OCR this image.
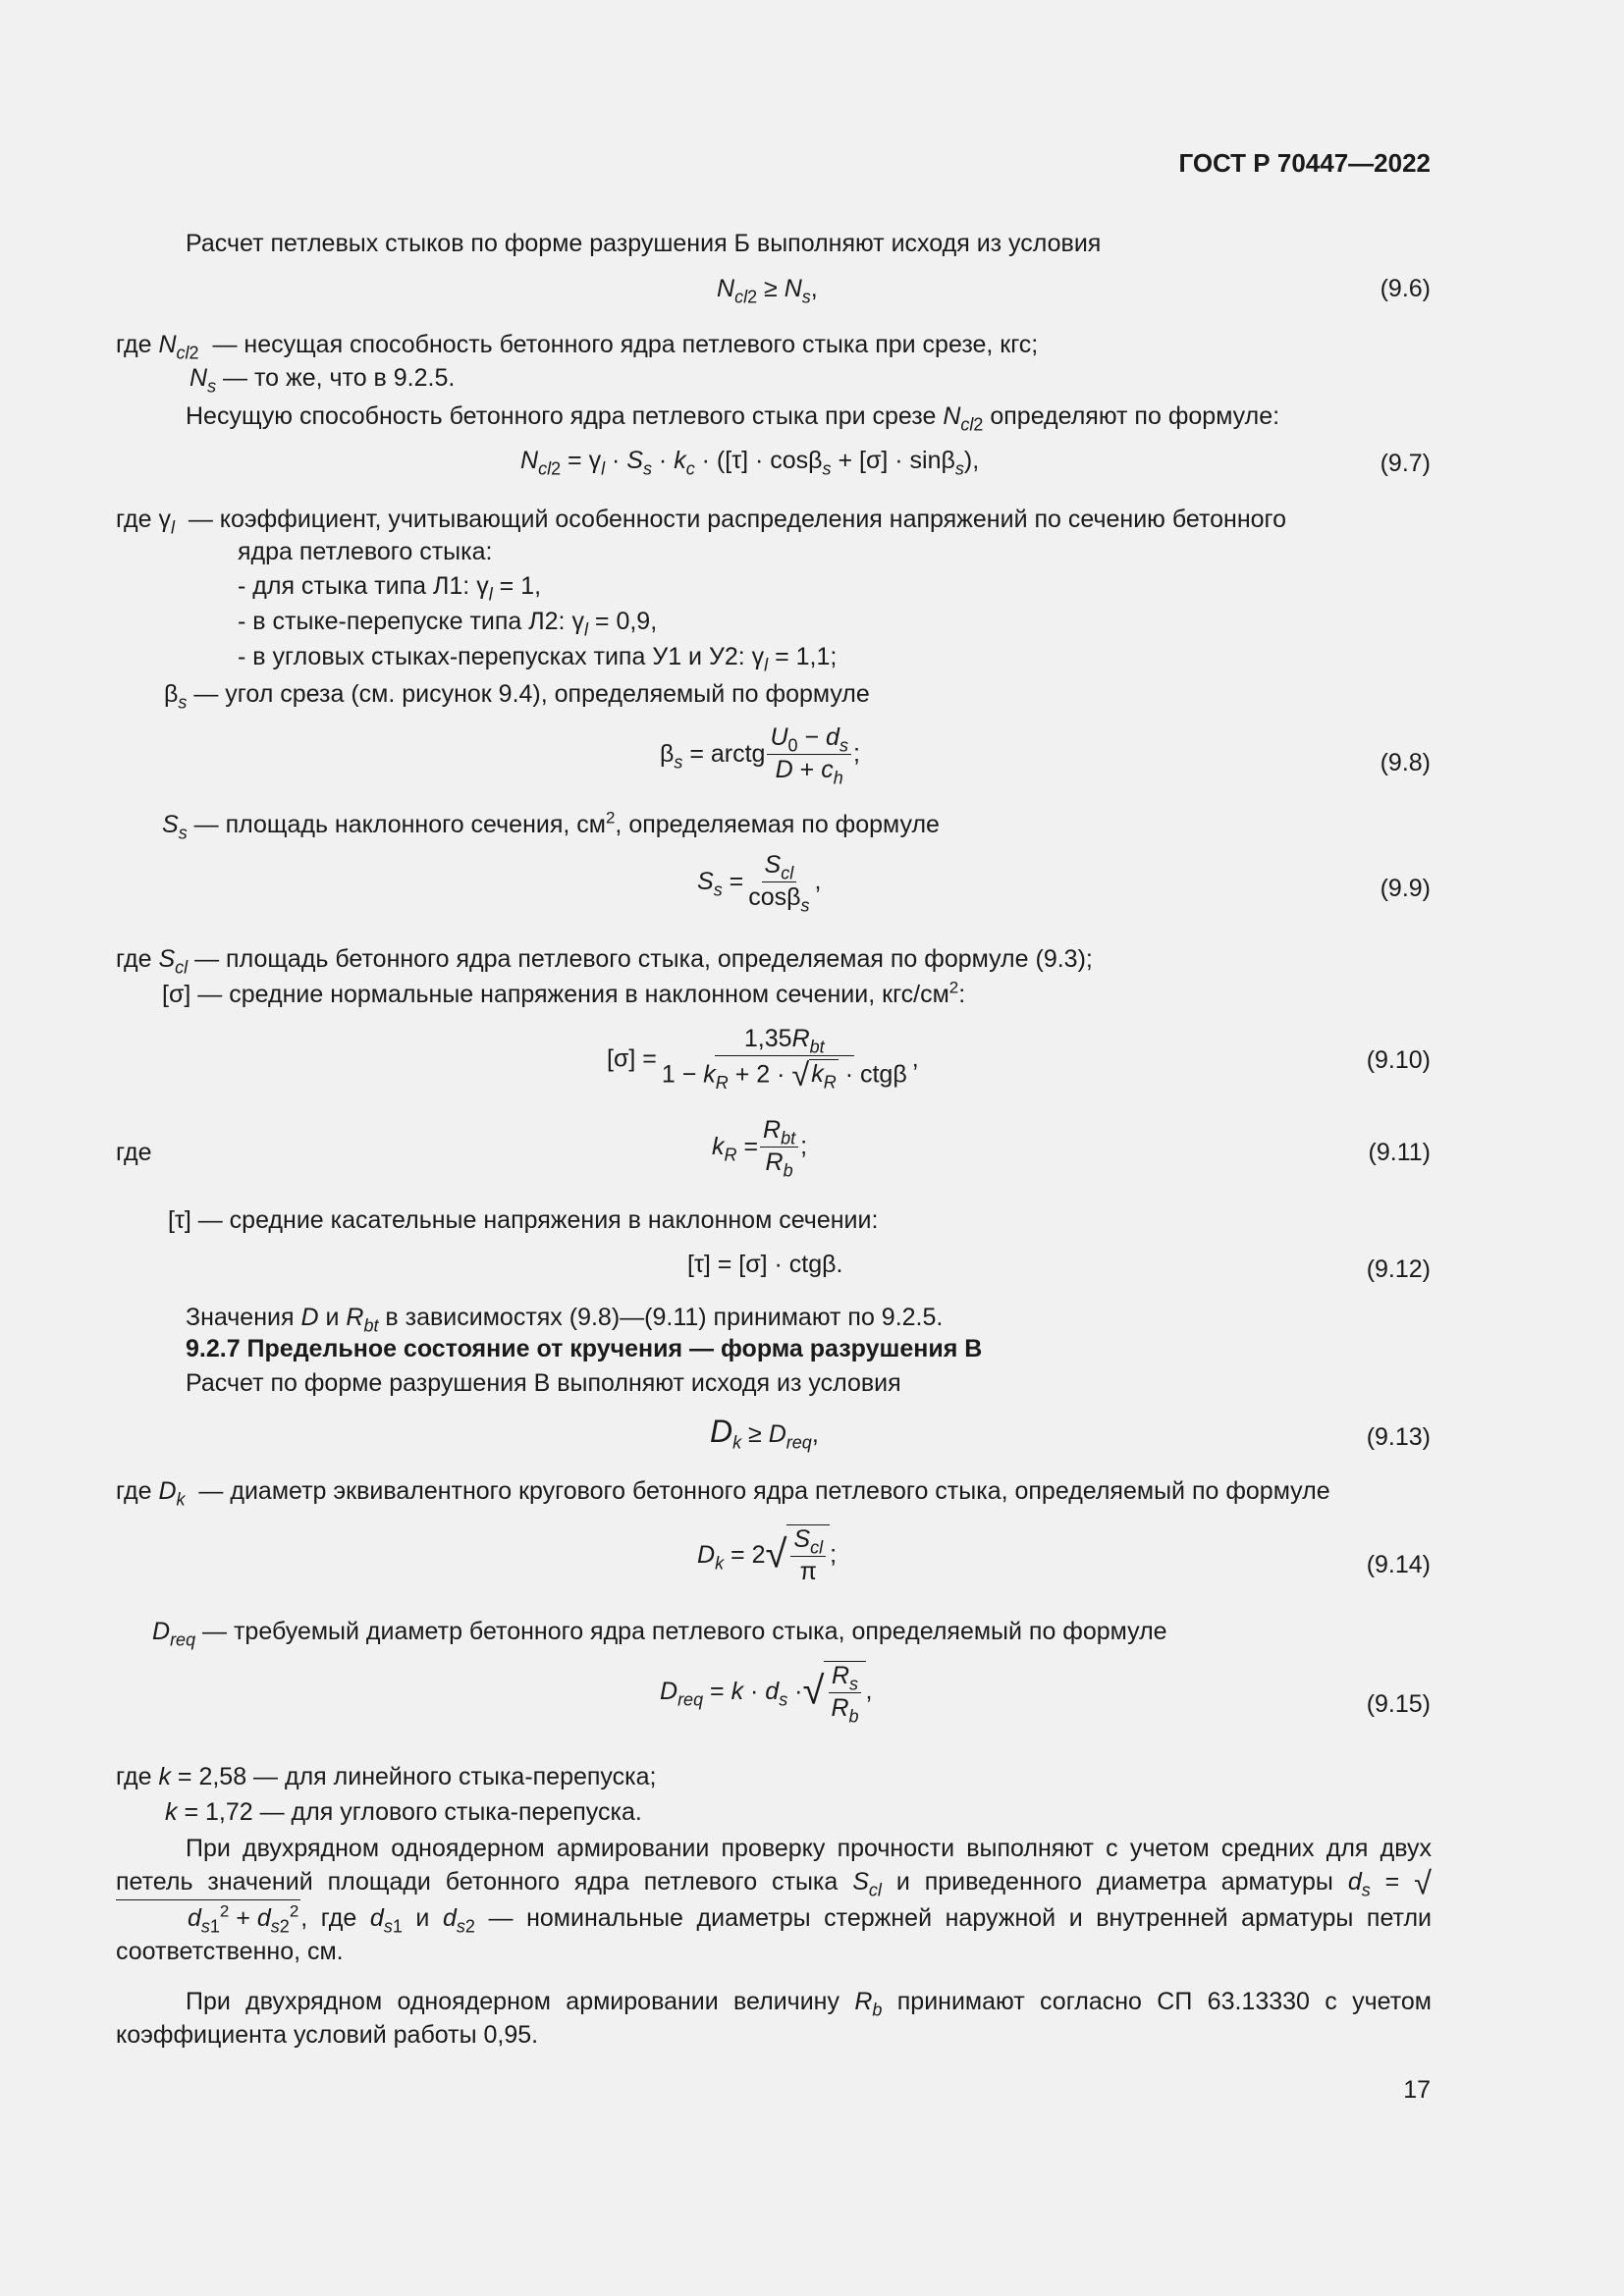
ГОСТ Р 70447—2022
Расчет петлевых стыков по форме разрушения Б выполняют исходя из условия
$N_{cl2} \ge N_s$,	(9.6)
где $N_{cl2}$ — несущая способность бетонного ядра петлевого стыка при срезе, кгс;
$N_s$ — то же, что в 9.2.5.
Несущую способность бетонного ядра петлевого стыка при срезе $N_{cl2}$ определяют по формуле:
$N_{cl2} = \gamma_l \cdot S_s \cdot k_c \cdot ([\tau] \cdot \cos\beta_s + [\sigma] \cdot \sin\beta_s)$,	(9.7)
где $\gamma_l$ — коэффициент, учитывающий особенности распределения напряжений по сечению бетонного
ядра петлевого стыка:
- для стыка типа Л1: $\gamma_l = 1$,
- в стыке-перепуске типа Л2: $\gamma_l = 0,9$,
- в угловых стыках-перепусках типа У1 и У2: $\gamma_l = 1,1$;
$\beta_s$ — угол среза (см. рисунок 9.4), определяемый по формуле
$\beta_s$ = arctg $\frac{U_0 - d_s}{D + c_h}$ ;	(9.8)
$S_s$ — площадь наклонного сечения, $см^2$, определяемая по формуле
$S_s = \frac{S_{cl}}{\cos\beta_s}$ ,	(9.9)
где $S_{cl}$ — площадь бетонного ядра петлевого стыка, определяемая по формуле (9.3);
[σ] — средние нормальные напряжения в наклонном сечении, кгс/$см^2$:
$[\sigma] = \frac{1,35R_{bt}}{1 - k_R + 2 \cdot √k_R \cdot ctg\beta}$ ,	(9.10)
где	$k_R = \frac{R_{bt}}{R_b}$ ;	(9.11)
[τ] — средние касательные напряжения в наклонном сечении:
[τ] = [σ] · ctgβ.	(9.12)
Значения D и $R_{bt}$ в зависимостях (9.8)—(9.11) принимают по 9.2.5.
9.2.7 Предельное состояние от кручения — форма разрушения В
Расчет по форме разрушения В выполняют исходя из условия
$D_k \ge D_{req}$,	(9.13)
где $D_k$ — диаметр эквивалентного кругового бетонного ядра петлевого стыка, определяемый по формуле
$D_k = 2√ \frac{S_{cl}}{\pi}$ ;	(9.14)
$D_{req}$ — требуемый диаметр бетонного ядра петлевого стыка, определяемый по формуле
$D_{req} = k \cdot d_s$ ·√ $\frac{R_s}{R_b}$ ,	(9.15)
где k = 2,58 — для линейного стыка-перепуска;
k = 1,72 — для углового стыка-перепуска.
При двухрядном одноядерном армировании проверку прочности выполняют с учетом средних для двух петель значений площади бетонного ядра петлевого стыка $S_{cl}$ и приведенного диаметра арматуры $d_s = √d_{s1}^2 + d_{s2}^2$, где $d_{s1}$ и $d_{s2}$ — номинальные диаметры стержней наружной и внутренней арматуры петли соответственно, см.
При двухрядном одноядерном армировании величину $R_b$ принимают согласно СП 63.13330 с учетом коэффициента условий работы 0,95.
17
